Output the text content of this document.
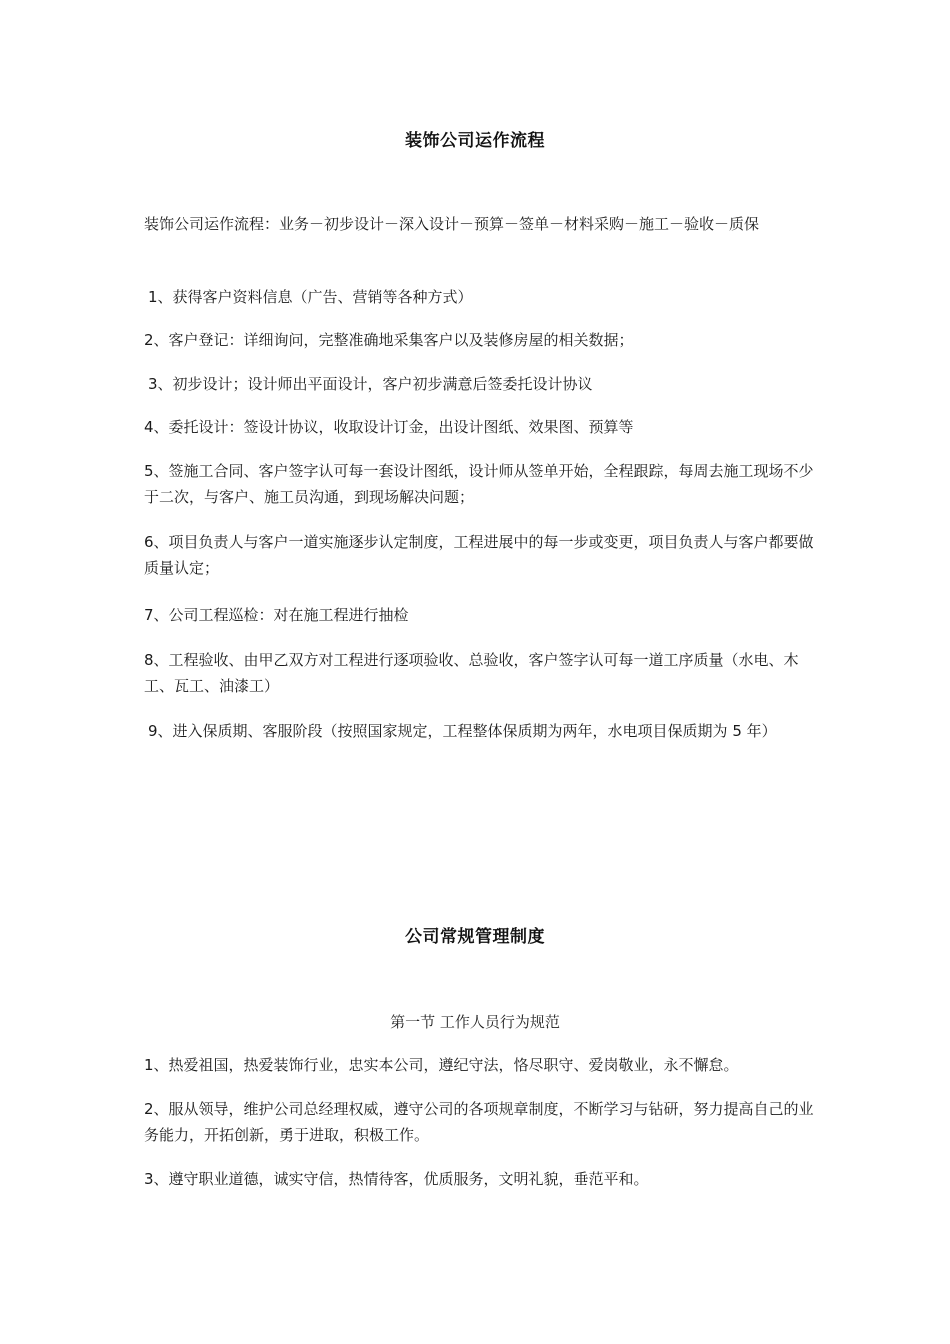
装饰公司运作流程
装饰公司运作流程：业务－初步设计－深入设计－预算－签单－材料采购－施工－验收－质保
1、获得客户资料信息（广告、营销等各种方式）
2、客户登记：详细询问，完整准确地采集客户以及装修房屋的相关数据；
3、初步设计；设计师出平面设计，客户初步满意后签委托设计协议
4、委托设计：签设计协议，收取设计订金，出设计图纸、效果图、预算等
5、签施工合同、客户签字认可每一套设计图纸，设计师从签单开始，全程跟踪，每周去施工现场不少于二次，与客户、施工员沟通，到现场解决问题；
6、项目负责人与客户一道实施逐步认定制度，工程进展中的每一步或变更，项目负责人与客户都要做质量认定；
7、公司工程巡检：对在施工程进行抽检
8、工程验收、由甲乙双方对工程进行逐项验收、总验收，客户签字认可每一道工序质量（水电、木工、瓦工、油漆工）
9、进入保质期、客服阶段（按照国家规定，工程整体保质期为两年，水电项目保质期为 5 年）
公司常规管理制度
第一节 工作人员行为规范
1、热爱祖国，热爱装饰行业，忠实本公司，遵纪守法，恪尽职守、爱岗敬业，永不懈怠。
2、服从领导，维护公司总经理权威，遵守公司的各项规章制度，不断学习与钻研，努力提高自己的业务能力，开拓创新，勇于进取，积极工作。
3、遵守职业道德，诚实守信，热情待客，优质服务，文明礼貌，垂范平和。
